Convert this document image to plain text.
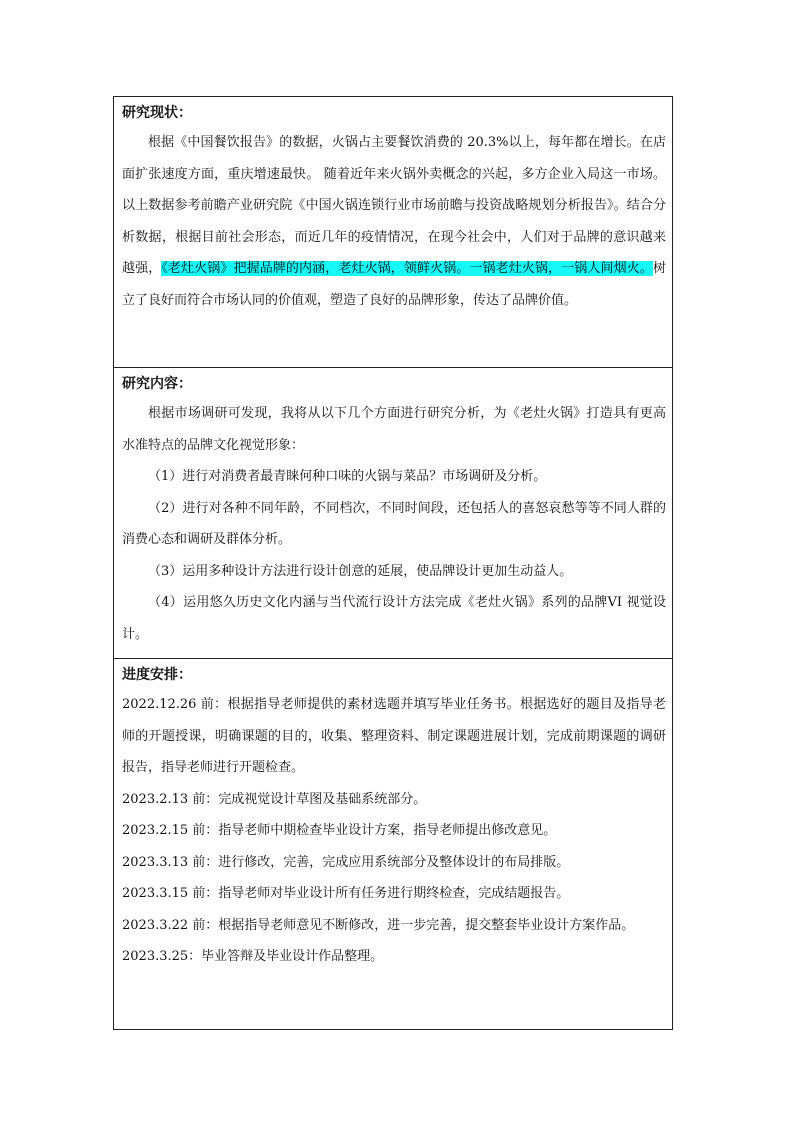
研究现状：

根据《中国餐饮报告》的数据，火锅占主要餐饮消费的 20.3%以上，每年都在增长。在店面扩张速度方面，重庆增速最快。 随着近年来火锅外卖概念的兴起，多方企业入局这一市场。以上数据参考前瞻产业研究院《中国火锅连锁行业市场前瞻与投资战略规划分析报告》。结合分析数据，根据目前社会形态，而近几年的疫情情况，在现今社会中，人们对于品牌的意识越来越强，《老灶火锅》把握品牌的内涵，老灶火锅，领鲜火锅。一锅老灶火锅，一锅人间烟火。树立了良好而符合市场认同的价值观，塑造了良好的品牌形象，传达了品牌价值。

研究内容：

根据市场调研可发现，我将从以下几个方面进行研究分析，为《老灶火锅》打造具有更高水准特点的品牌文化视觉形象：

（1）进行对消费者最青睐何种口味的火锅与菜品？市场调研及分析。

（2）进行对各种不同年龄，不同档次，不同时间段，还包括人的喜怒哀愁等等不同人群的消费心态和调研及群体分析。

（3）运用多种设计方法进行设计创意的延展，使品牌设计更加生动益人。

（4）运用悠久历史文化内涵与当代流行设计方法完成《老灶火锅》系列的品牌VI 视觉设计。

进度安排：

2022.12.26 前：根据指导老师提供的素材选题并填写毕业任务书。根据选好的题目及指导老师的开题授课，明确课题的目的，收集、整理资料、制定课题进展计划，完成前期课题的调研报告，指导老师进行开题检查。

2023.2.13 前：完成视觉设计草图及基础系统部分。

2023.2.15 前：指导老师中期检查毕业设计方案，指导老师提出修改意见。

2023.3.13 前：进行修改，完善，完成应用系统部分及整体设计的布局排版。

2023.3.15 前：指导老师对毕业设计所有任务进行期终检查，完成结题报告。

2023.3.22 前：根据指导老师意见不断修改，进一步完善，提交整套毕业设计方案作品。

2023.3.25：毕业答辩及毕业设计作品整理。
